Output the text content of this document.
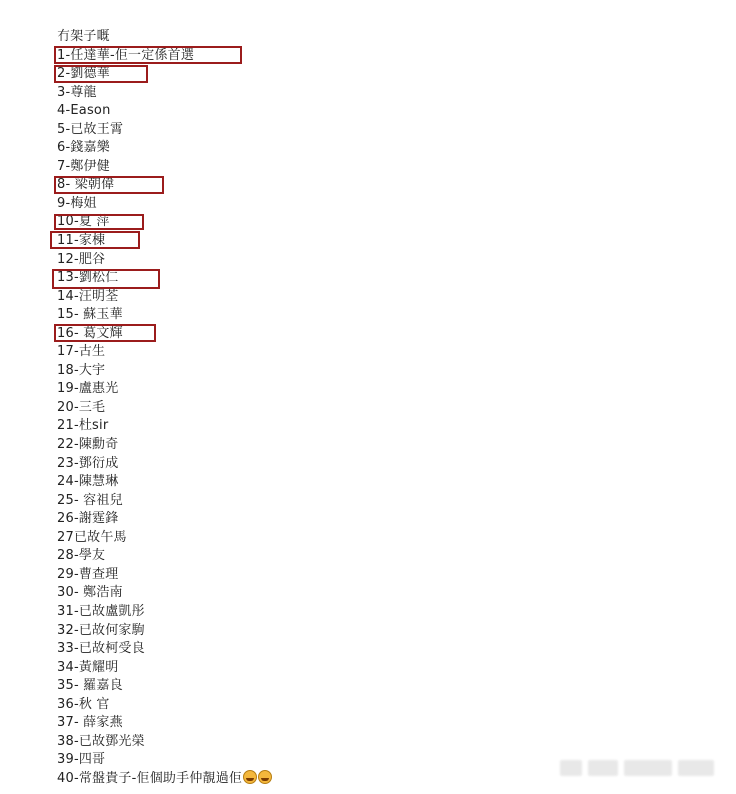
冇架子嘅
1-任達華-佢一定係首選
2-劉德華
3-尊龍
4-Eason
5-已故王霄
6-錢嘉樂
7-鄭伊健
8- 梁朝偉
9-梅姐
10-夏 萍
11-家棟
12-肥谷
13-劉松仁
14-汪明荃
15- 蘇玉華
16- 葛文輝
17-古生
18-大宇
19-盧惠光
20-三毛
21-杜sir
22-陳勳奇
23-鄧衍成
24-陳慧琳
25- 容祖兒
26-謝霆鋒
27已故午馬
28-學友
29-曹查理
30- 鄭浩南
31-已故盧凱彤
32-已故何家駒
33-已故柯受良
34-黃耀明
35- 羅嘉良
36-秋 官
37- 薛家燕
38-已故鄧光榮
39-四哥
40-常盤貴子-佢個助手仲靚過佢
